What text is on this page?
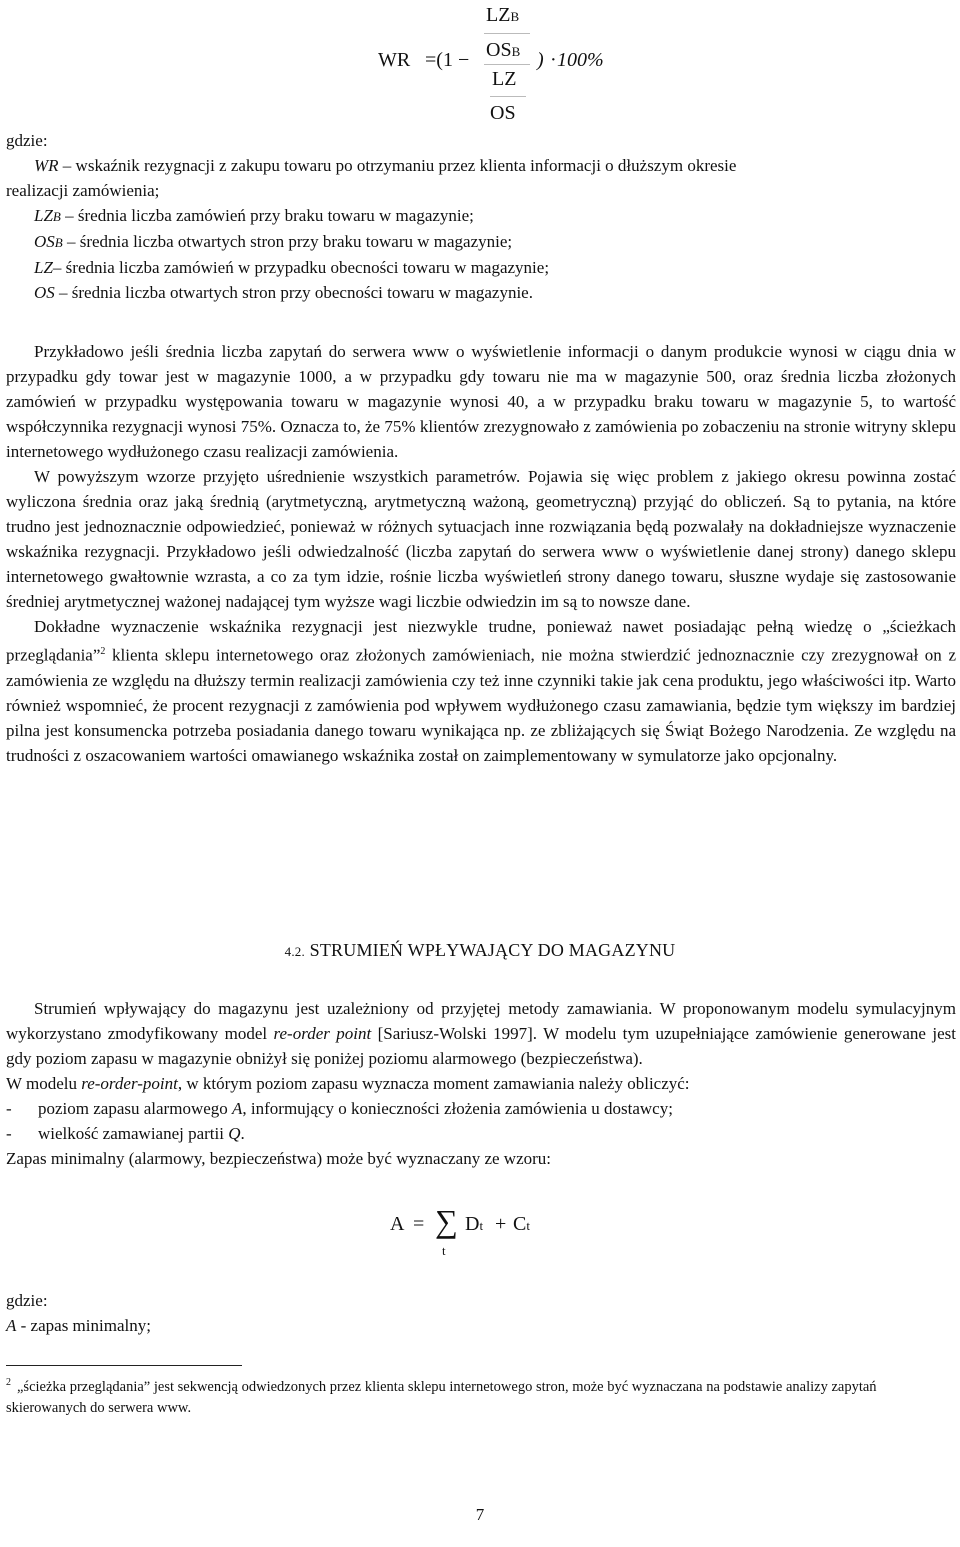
WR =(1 −
LZB
OSB
LZ
OS
) · 100%

gdzie:

WR – wskaźnik rezygnacji z zakupu towaru po otrzymaniu przez klienta informacji o dłuższym okresie

realizacji zamówienia;

LZB – średnia liczba zamówień przy braku towaru w magazynie;

OSB – średnia liczba otwartych stron przy braku towaru w magazynie;

LZ– średnia liczba zamówień w przypadku obecności towaru w magazynie;

OS – średnia liczba otwartych stron przy obecności towaru w magazynie.

Przykładowo jeśli średnia liczba zapytań do serwera www o wyświetlenie informacji o danym produkcie wynosi w ciągu dnia w przypadku gdy towar jest w magazynie 1000, a w przypadku gdy towaru nie ma w magazynie 500, oraz średnia liczba złożonych zamówień w przypadku występowania towaru w magazynie wynosi 40, a w przypadku braku towaru w magazynie 5, to wartość współczynnika rezygnacji wynosi 75%. Oznacza to, że 75% klientów zrezygnowało z zamówienia po zobaczeniu na stronie witryny sklepu internetowego wydłużonego czasu realizacji zamówienia.

W powyższym wzorze przyjęto uśrednienie wszystkich parametrów. Pojawia się więc problem z jakiego okresu powinna zostać wyliczona średnia oraz jaką średnią (arytmetyczną, arytmetyczną ważoną, geometryczną) przyjąć do obliczeń. Są to pytania, na które trudno jest jednoznacznie odpowiedzieć, ponieważ w różnych sytuacjach inne rozwiązania będą pozwalały na dokładniejsze wyznaczenie wskaźnika rezygnacji. Przykładowo jeśli odwiedzalność (liczba zapytań do serwera www o wyświetlenie danej strony) danego sklepu internetowego gwałtownie wzrasta, a co za tym idzie, rośnie liczba wyświetleń strony danego towaru, słuszne wydaje się zastosowanie średniej arytmetycznej ważonej nadającej tym wyższe wagi liczbie odwiedzin im są to nowsze dane.

Dokładne wyznaczenie wskaźnika rezygnacji jest niezwykle trudne, ponieważ nawet posiadając pełną wiedzę o „ścieżkach przeglądania”$^2$ klienta sklepu internetowego oraz złożonych zamówieniach, nie można stwierdzić jednoznacznie czy zrezygnował on z zamówienia ze względu na dłuższy termin realizacji zamówienia czy też inne czynniki takie jak cena produktu, jego właściwości itp. Warto również wspomnieć, że procent rezygnacji z zamówienia pod wpływem wydłużonego czasu zamawiania, będzie tym większy im bardziej pilna jest konsumencka potrzeba posiadania danego towaru wynikająca np. ze zbliżających się Świąt Bożego Narodzenia. Ze względu na trudności z oszacowaniem wartości omawianego wskaźnika został on zaimplementowany w symulatorze jako opcjonalny.

4.2. STRUMIEŃ WPŁYWAJĄCY DO MAGAZYNU

Strumień wpływający do magazynu jest uzależniony od przyjętej metody zamawiania. W proponowanym modelu symulacyjnym wykorzystano zmodyfikowany model re-order point [Sariusz-Wolski 1997]. W modelu tym uzupełniające zamówienie generowane jest gdy poziom zapasu w magazynie obniżył się poniżej poziomu alarmowego (bezpieczeństwa).

W modelu re-order-point, w którym poziom zapasu wyznacza moment zamawiania należy obliczyć:

- poziom zapasu alarmowego A, informujący o konieczności złożenia zamówienia u dostawcy;

- wielkość zamawianej partii Q.

Zapas minimalny (alarmowy, bezpieczeństwa) może być wyznaczany ze wzoru:

A = ∑
t
Dt + Ct

gdzie:

A - zapas minimalny;

$^2$ „ścieżka przeglądania” jest sekwencją odwiedzonych przez klienta sklepu internetowego stron, może być wyznaczana na podstawie analizy zapytań skierowanych do serwera www.
7
